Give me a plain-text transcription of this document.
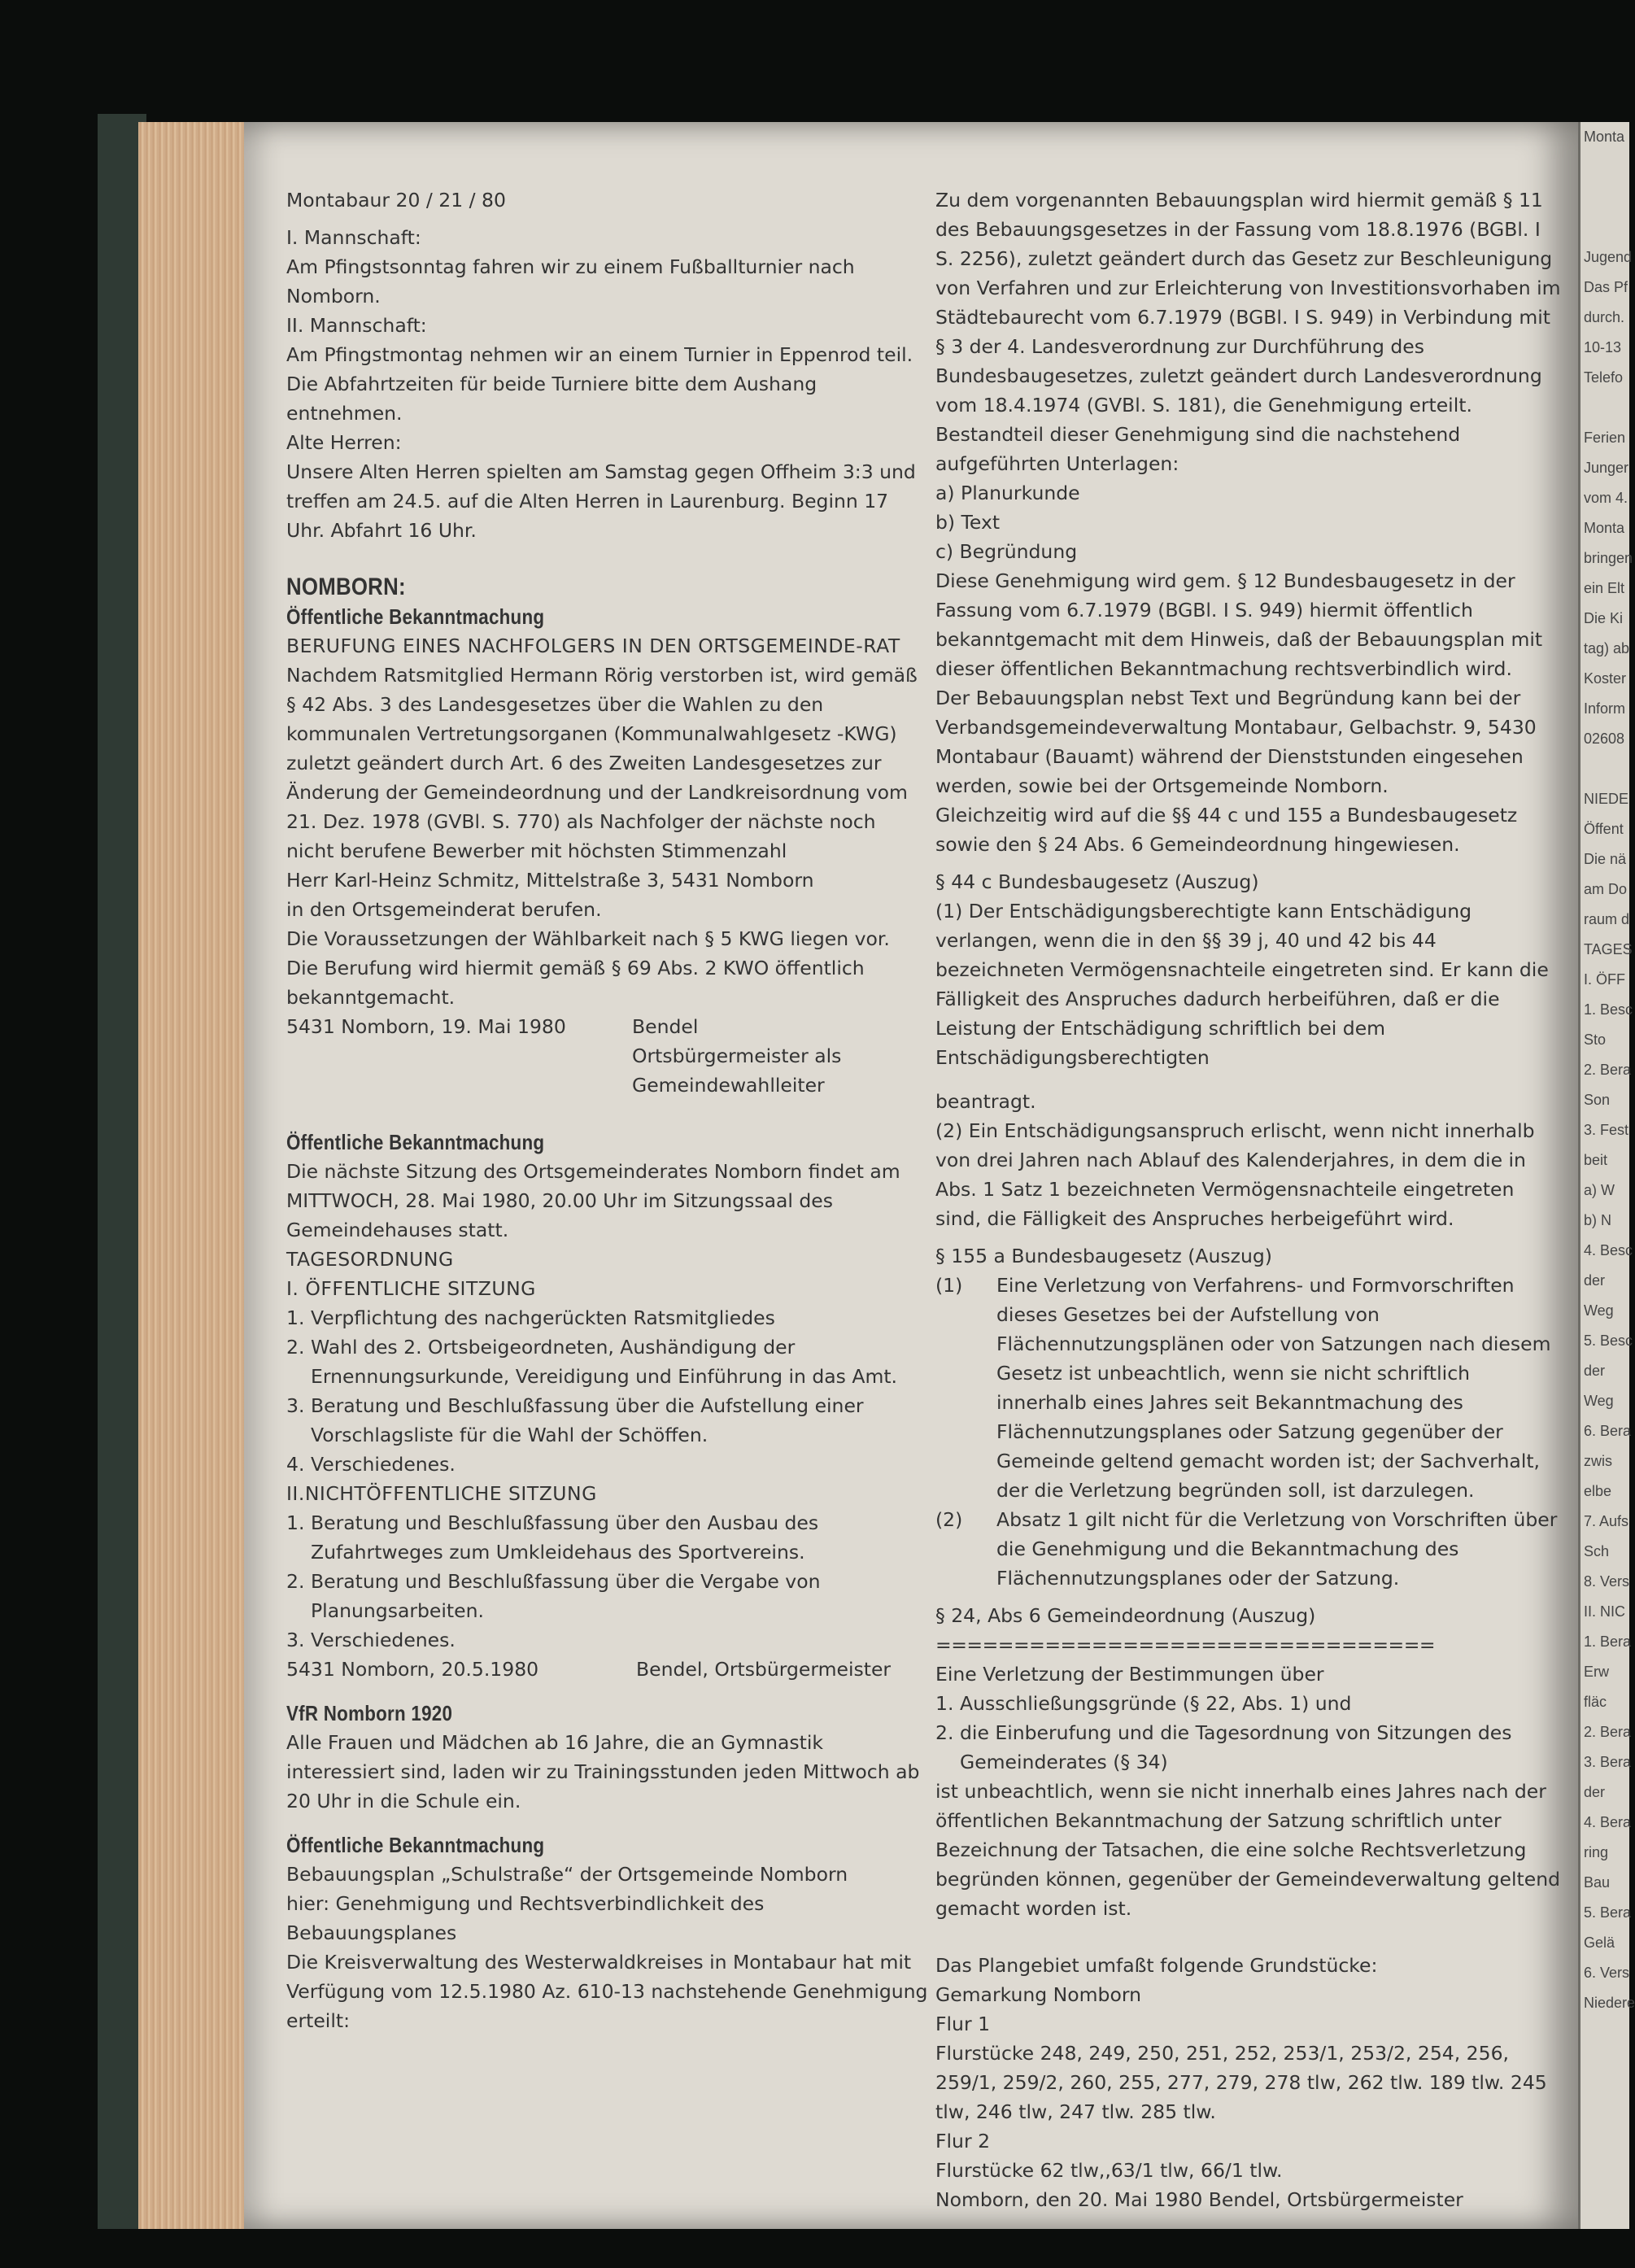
Monta

Jugend
Das Pf
durch.
10-13
Telefo

Ferien
Junger
vom 4.
Monta
bringen
ein Elt
Die Ki
tag) ab
Koster
Inform
02608

NIEDE
Öffent
Die nä
am Do
raum d
TAGES
I. ÖFF
1. Besc
Sto
2. Bera
Son
3. Fest
beit
a) W
b) N
4. Besc
der
Weg
5. Besc
der
Weg
6. Bera
zwis
elbe
7. Aufs
Sch
8. Vers
II. NIC
1. Bera
Erw
fläc
2. Bera
3. Bera
der
4. Bera
ring
Bau
5. Bera
Gelä
6. Vers
Niedere

Montabaur 20 / 21 / 80

I. Mannschaft:

Am Pfingstsonntag fahren wir zu einem Fußballturnier nach Nomborn.

II. Mannschaft:

Am Pfingstmontag nehmen wir an einem Turnier in Eppenrod teil.

Die Abfahrtzeiten für beide Turniere bitte dem Aushang entnehmen.

Alte Herren:

Unsere Alten Herren spielten am Samstag gegen Offheim 3:3 und treffen am 24.5. auf die Alten Herren in Laurenburg. Beginn 17 Uhr. Abfahrt 16 Uhr.

NOMBORN:

Öffentliche Bekanntmachung

BERUFUNG EINES NACHFOLGERS IN DEN ORTSGEMEINDE-RAT

Nachdem Ratsmitglied Hermann Rörig verstorben ist, wird gemäß § 42 Abs. 3 des Landesgesetzes über die Wahlen zu den kommunalen Vertretungsorganen (Kommunalwahlgesetz -KWG) zuletzt geändert durch Art. 6 des Zweiten Landesgesetzes zur Änderung der Gemeindeordnung und der Landkreisordnung vom 21. Dez. 1978 (GVBl. S. 770) als Nachfolger der nächste noch nicht berufene Bewerber mit höchsten Stimmenzahl

Herr Karl-Heinz Schmitz, Mittelstraße 3, 5431 Nomborn

in den Ortsgemeinderat berufen.

Die Voraussetzungen der Wählbarkeit nach § 5 KWG liegen vor.

Die Berufung wird hiermit gemäß § 69 Abs. 2 KWO öffentlich bekanntgemacht.

5431 Nomborn, 19. Mai 1980	Bendel
Ortsbürgermeister als
Gemeindewahlleiter

Öffentliche Bekanntmachung

Die nächste Sitzung des Ortsgemeinderates Nomborn findet am MITTWOCH, 28. Mai 1980, 20.00 Uhr im Sitzungssaal des Gemeindehauses statt.

TAGESORDNUNG

I. ÖFFENTLICHE SITZUNG

1. Verpflichtung des nachgerückten Ratsmitgliedes
2. Wahl des 2. Ortsbeigeordneten, Aushändigung der Ernennungsurkunde, Vereidigung und Einführung in das Amt.
3. Beratung und Beschlußfassung über die Aufstellung einer Vorschlagsliste für die Wahl der Schöffen.
4. Verschiedenes.

II.NICHTÖFFENTLICHE SITZUNG

1. Beratung und Beschlußfassung über den Ausbau des Zufahrtweges zum Umkleidehaus des Sportvereins.
2. Beratung und Beschlußfassung über die Vergabe von Planungsarbeiten.
3. Verschiedenes.
5431 Nomborn, 20.5.1980	Bendel, Ortsbürgermeister

VfR Nomborn 1920

Alle Frauen und Mädchen ab 16 Jahre, die an Gymnastik interessiert sind, laden wir zu Trainingsstunden jeden Mittwoch ab 20 Uhr in die Schule ein.

Öffentliche Bekanntmachung

Bebauungsplan „Schulstraße“ der Ortsgemeinde Nomborn

hier: Genehmigung und Rechtsverbindlichkeit des Bebauungsplanes

Die Kreisverwaltung des Westerwaldkreises in Montabaur hat mit Verfügung vom 12.5.1980 Az. 610-13 nachstehende Genehmigung erteilt:

Zu dem vorgenannten Bebauungsplan wird hiermit gemäß § 11 des Bebauungsgesetzes in der Fassung vom 18.8.1976 (BGBl. I S. 2256), zuletzt geändert durch das Gesetz zur Beschleunigung von Verfahren und zur Erleichterung von Investitionsvorhaben im Städtebaurecht vom 6.7.1979 (BGBl. I S. 949) in Verbindung mit § 3 der 4. Landesverordnung zur Durchführung des Bundesbaugesetzes, zuletzt geändert durch Landesverordnung vom 18.4.1974 (GVBl. S. 181), die Genehmigung erteilt.

Bestandteil dieser Genehmigung sind die nachstehend aufgeführten Unterlagen:

a) Planurkunde

b) Text

c) Begründung

Diese Genehmigung wird gem. § 12 Bundesbaugesetz in der Fassung vom 6.7.1979 (BGBl. I S. 949) hiermit öffentlich bekanntgemacht mit dem Hinweis, daß der Bebauungsplan mit dieser öffentlichen Bekanntmachung rechtsverbindlich wird.

Der Bebauungsplan nebst Text und Begründung kann bei der Verbandsgemeindeverwaltung Montabaur, Gelbachstr. 9, 5430 Montabaur (Bauamt) während der Dienststunden eingesehen werden, sowie bei der Ortsgemeinde Nomborn.

Gleichzeitig wird auf die §§ 44 c und 155 a Bundesbaugesetz sowie den § 24 Abs. 6 Gemeindeordnung hingewiesen.

§ 44 c Bundesbaugesetz (Auszug)

(1) Der Entschädigungsberechtigte kann Entschädigung verlangen, wenn die in den §§ 39 j, 40 und 42 bis 44 bezeichneten Vermögensnachteile eingetreten sind. Er kann die Fälligkeit des Anspruches dadurch herbeiführen, daß er die Leistung der Entschädigung schriftlich bei dem Entschädigungsberechtigten

beantragt.

(2) Ein Entschädigungsanspruch erlischt, wenn nicht innerhalb von drei Jahren nach Ablauf des Kalenderjahres, in dem die in Abs. 1 Satz 1 bezeichneten Vermögensnachteile eingetreten sind, die Fälligkeit des Anspruches herbeigeführt wird.

§ 155 a Bundesbaugesetz (Auszug)

(1)	Eine Verletzung von Verfahrens- und Formvorschriften dieses Gesetzes bei der Aufstellung von Flächennutzungsplänen oder von Satzungen nach diesem Gesetz ist unbeachtlich, wenn sie nicht schriftlich innerhalb eines Jahres seit Bekanntmachung des Flächennutzungsplanes oder Satzung gegenüber der Gemeinde geltend gemacht worden ist; der Sachverhalt, der die Verletzung begründen soll, ist darzulegen.
(2)	Absatz 1 gilt nicht für die Verletzung von Vorschriften über die Genehmigung und die Bekanntmachung des Flächennutzungsplanes oder der Satzung.

§ 24, Abs 6 Gemeindeordnung (Auszug)

================================

Eine Verletzung der Bestimmungen über

1. Ausschließungsgründe (§ 22, Abs. 1) und
2. die Einberufung und die Tagesordnung von Sitzungen des Gemeinderates (§ 34)

ist unbeachtlich, wenn sie nicht innerhalb eines Jahres nach der öffentlichen Bekanntmachung der Satzung schriftlich unter Bezeichnung der Tatsachen, die eine solche Rechtsverletzung begründen können, gegenüber der Gemeindeverwaltung geltend gemacht worden ist.

Das Plangebiet umfaßt folgende Grundstücke:

Gemarkung Nomborn

Flur 1

Flurstücke 248, 249, 250, 251, 252, 253/1, 253/2, 254, 256, 259/1, 259/2, 260, 255, 277, 279, 278 tlw, 262 tlw. 189 tlw. 245 tlw, 246 tlw, 247 tlw. 285 tlw.

Flur 2

Flurstücke 62 tlw,,63/1 tlw, 66/1 tlw.

Nomborn, den 20. Mai 1980 Bendel, Ortsbürgermeister
